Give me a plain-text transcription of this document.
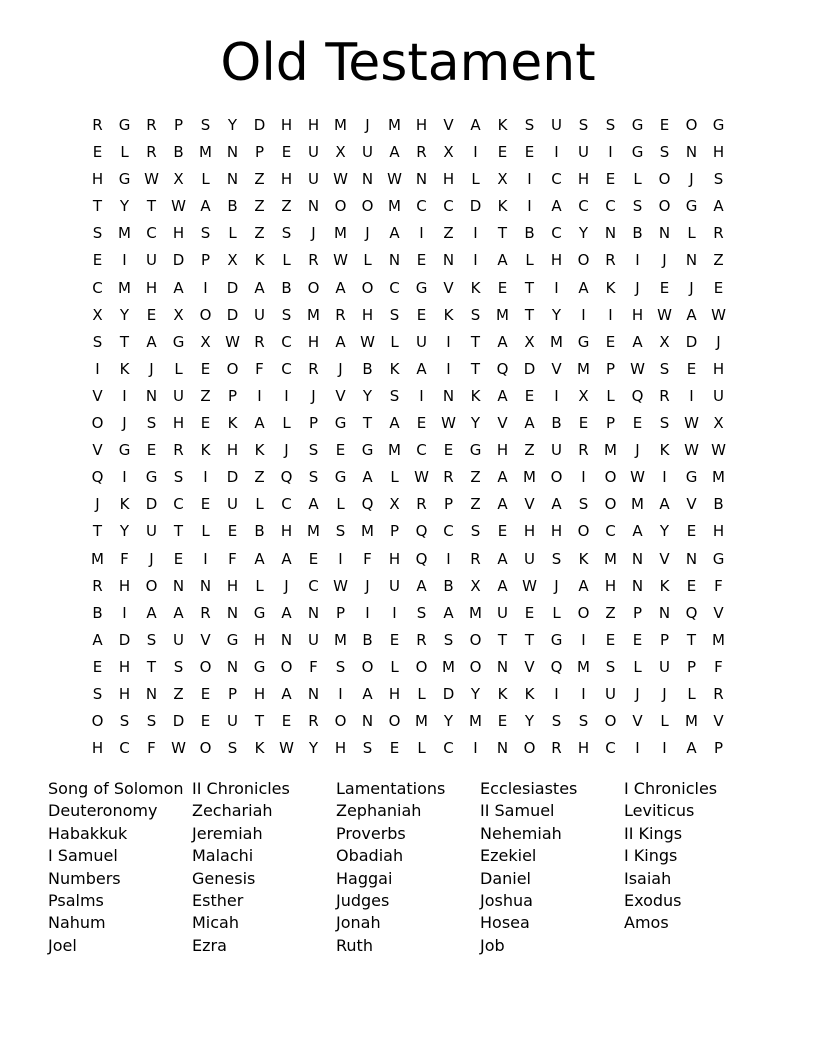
Old Testament
R	G	R	P	S	Y	D	H	H M	J	M H	V	A	K	S	U	S	S	G	E	O	G
E	L	R	B	M N	P	E	U	X	U	A	R	X	I	E	E	I	U	I	G	S	N	H
H	G W X	L	N	Z	H	U W N W N	H	L	X	I	C	H	E	L	O	J	S
T	Y	T	W A	B	Z	Z	N	O	O M	C	C	D	K	I	A	C	C	S	O	G	A
S	M	C	H	S	L	Z	S	J	M	J	A	I	Z	I	T	B	C	Y	N	B	N	L	R
E	I	U	D	P	X	K	L	R W	L	N	E	N	I	A	L	H	O	R	I	J	N	Z
C	M H	A	I	D	A	B	O	A	O	C	G	V	K	E	T	I	A	K	J	E	J	E
X	Y	E	X	O	D	U	S	M	R	H	S	E	K	S	M	T	Y	I	I	H W A W
S	T	A	G	X W R	C	H	A W	L	U	I	T	A	X	M G	E	A	X	D	J
I	K	J	L	E	O	F	C	R	J	B	K	A	I	T	Q	D	V	M	P	W S	E	H
V	I	N	U	Z	P	I	I	J	V	Y	S	I	N	K	A	E	I	X	L	Q	R	I	U
O	J	S	H	E	K	A	L	P	G	T	A	E W Y	V	A	B	E	P	E	S W X
V	G	E	R	K	H	K	J	S	E	G M	C	E	G	H	Z	U	R	M	J	K W W
Q	I	G	S	I	D	Z	Q	S	G	A	L	W R	Z	A	M O	I	O W	I	G M
J	K	D	C	E	U	L	C	A	L	Q	X	R	P	Z	A	V	A	S	O M	A	V	B
T	Y	U	T	L	E	B	H M	S	M	P	Q	C	S	E	H	H	O	C	A	Y	E	H
M	F	J	E	I	F	A	A	E	I	F	H	Q	I	R	A	U	S	K	M N	V	N	G
R	H	O	N	N	H	L	J	C W	J	U	A	B	X	A W	J	A	H	N	K	E	F
B	I	A	A	R	N	G	A	N	P	I	I	S	A	M	U	E	L	O	Z	P	N	Q	V
A	D	S	U	V	G	H	N	U	M	B	E	R	S	O	T	T	G	I	E	E	P	T	M
E	H	T	S	O	N	G	O	F	S	O	L	O M O	N	V	Q M	S	L	U	P	F
S	H	N	Z	E	P	H	A	N	I	A	H	L	D	Y	K	K	I	I	U	J	J	L	R
O	S	S	D	E	U	T	E	R	O	N	O M	Y	M	E	Y	S	S	O	V	L	M	V
H	C	F	W O	S	K W Y	H	S	E	L	C	I	N	O	R	H	C	I	I	A	P
Song of Solomon
Deuteronomy
Habakkuk
I Samuel
Numbers
Psalms
Nahum
Joel
II Chronicles
Zechariah
Jeremiah
Malachi
Genesis
Esther
Micah
Ezra
Lamentations
Zephaniah
Proverbs
Obadiah
Haggai
Judges
Jonah
Ruth
Ecclesiastes
II Samuel
Nehemiah
Ezekiel
Daniel
Joshua
Hosea
Job
I Chronicles
Leviticus
II Kings
I Kings
Isaiah
Exodus
Amos
